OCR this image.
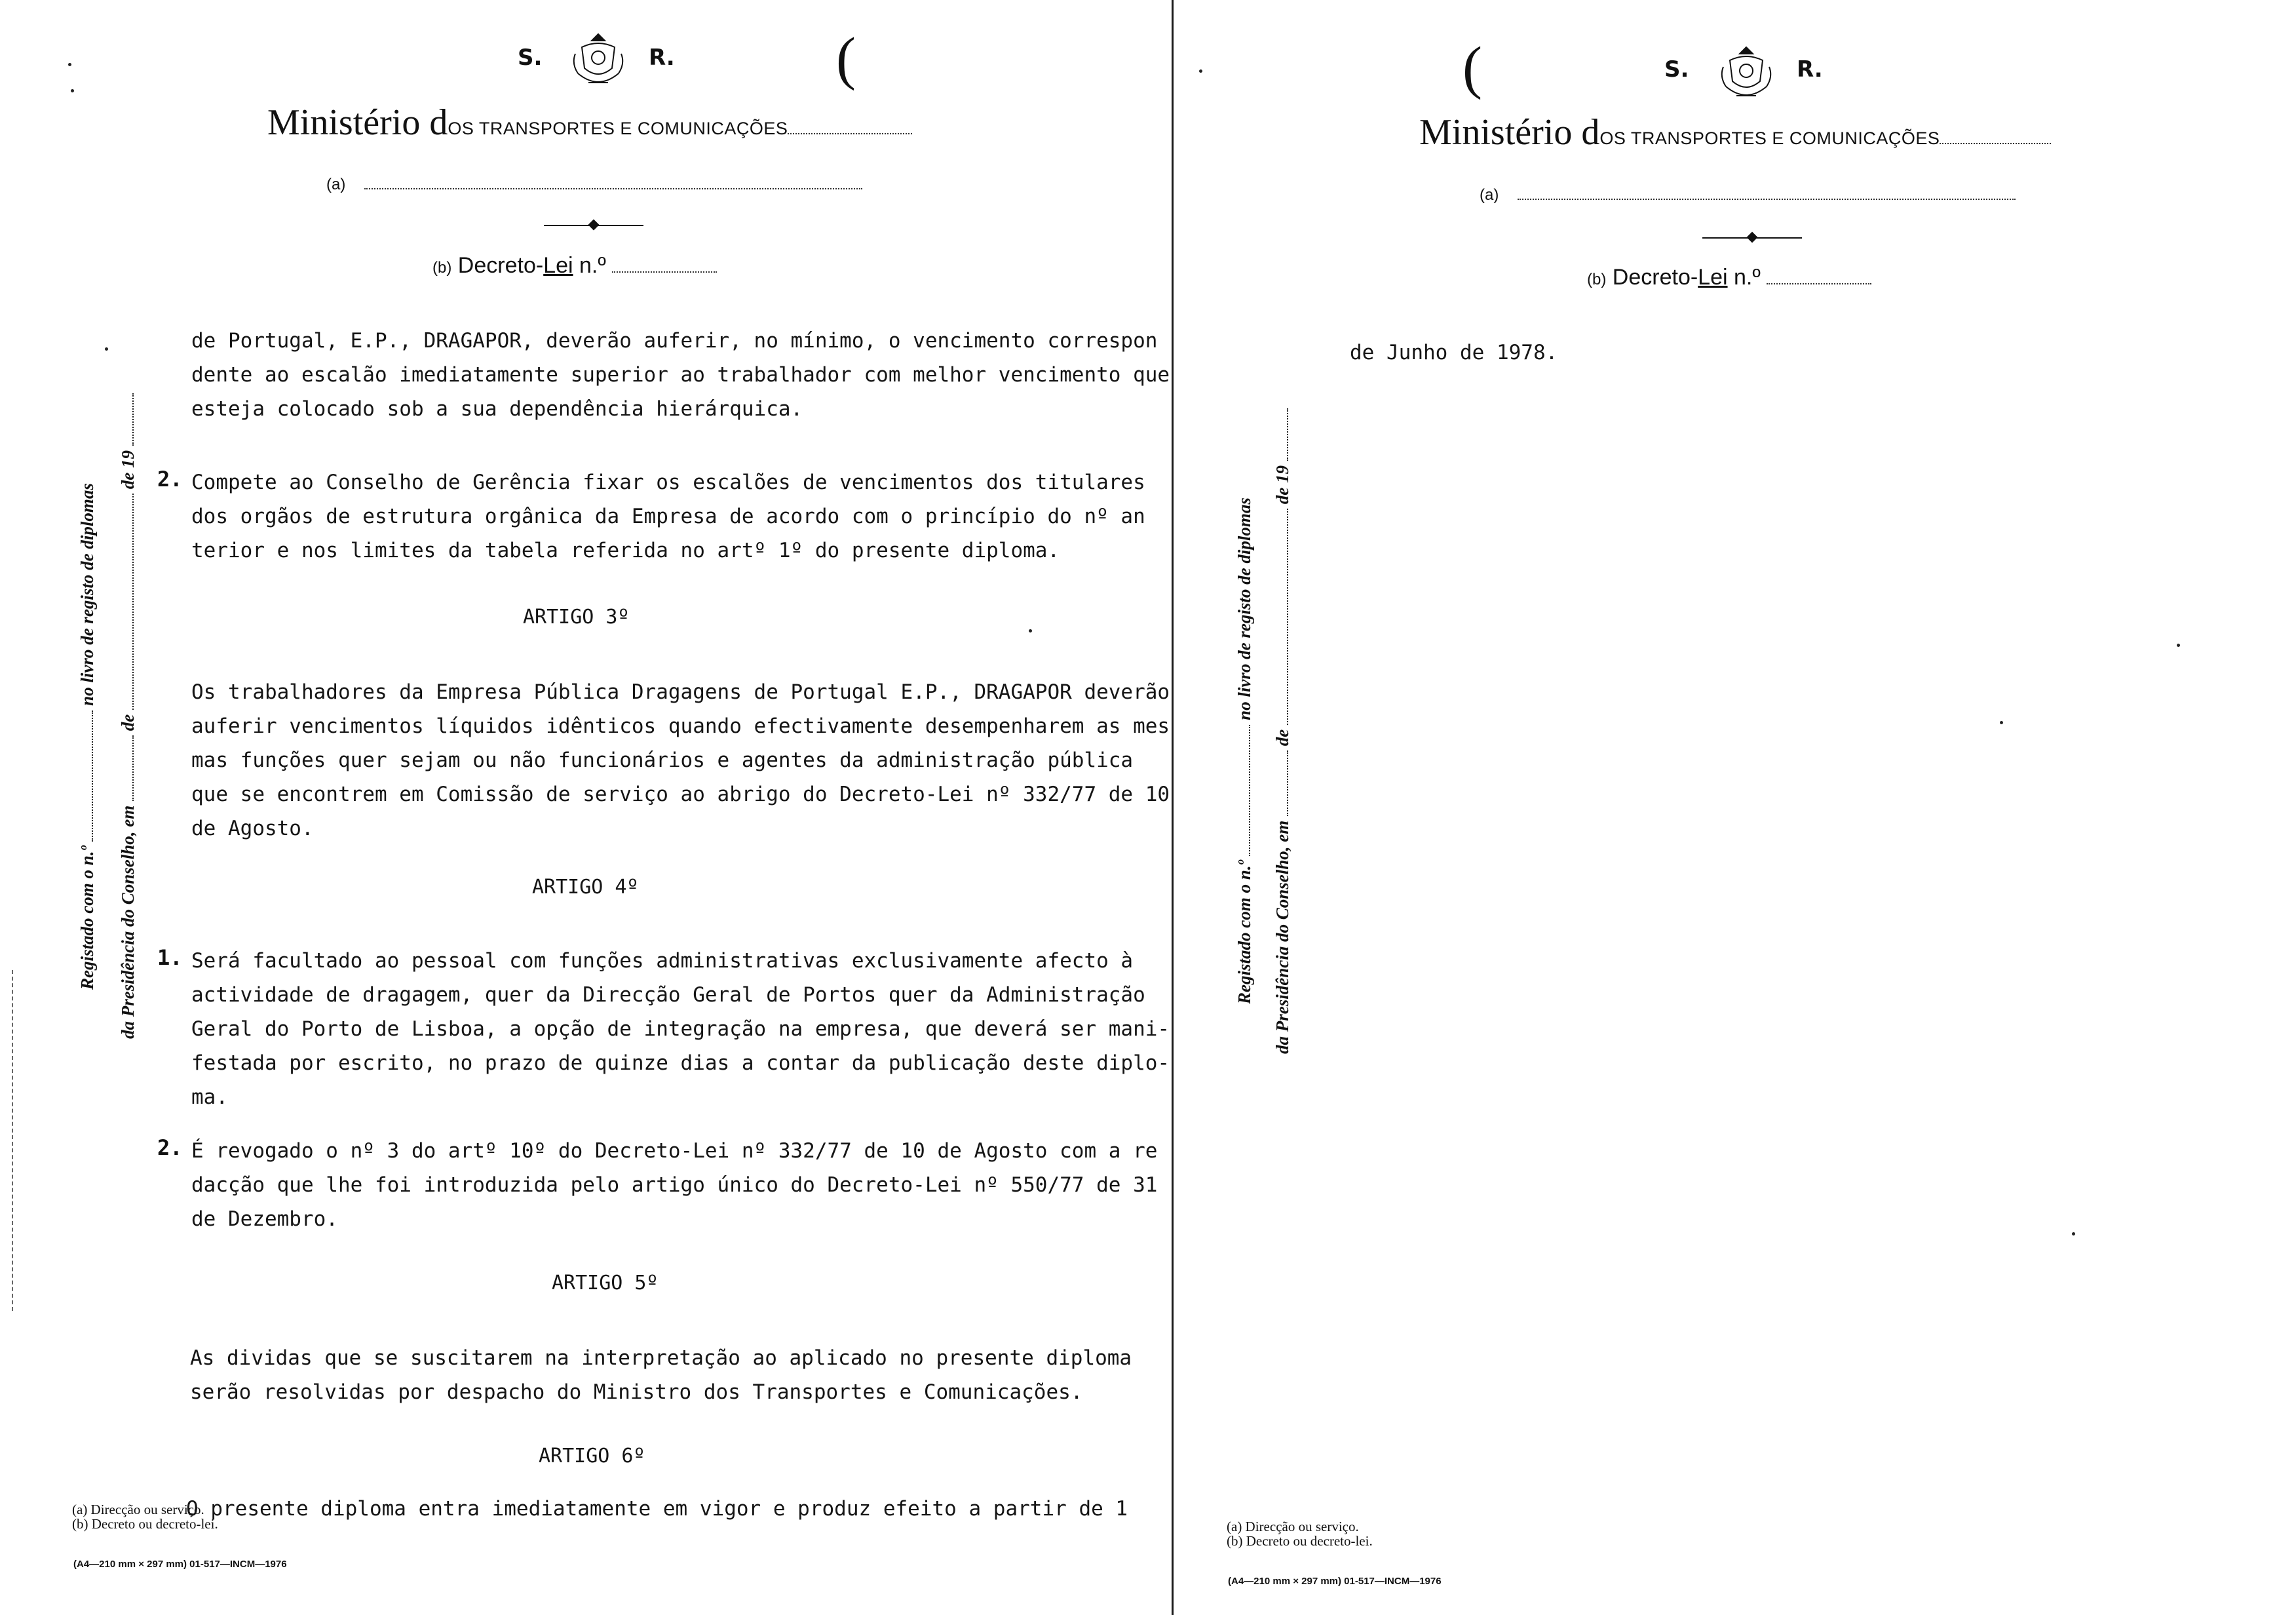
S.	R.	(
Ministério dOS TRANSPORTES E COMUNICAÇÕES
(a)
(b) Decreto-Lei n.º
Registado com o n.º  no livro de registo de diplomas
da Presidência do Conselho, em  de  de 19
de Portugal, E.P., DRAGAPOR, deverão auferir, no mínimo, o vencimento correspon
dente ao escalão imediatamente superior ao trabalhador com melhor vencimento que
esteja colocado sob a sua dependência hierárquica.
2. Compete ao Conselho de Gerência fixar os escalões de vencimentos dos titulares
dos orgãos de estrutura orgânica da Empresa de acordo com o princípio do nº an
terior e nos limites da tabela referida no artº 1º do presente diploma.
ARTIGO 3º
Os trabalhadores da Empresa Pública Dragagens de Portugal E.P., DRAGAPOR deverão
auferir vencimentos líquidos idênticos quando efectivamente desempenharem as mes
mas funções quer sejam ou não funcionários e agentes da administração pública
que se encontrem em Comissão de serviço ao abrigo do Decreto-Lei nº 332/77 de 10
de Agosto.
ARTIGO 4º
1. Será facultado ao pessoal com funções administrativas exclusivamente afecto à
actividade de dragagem, quer da Direcção Geral de Portos quer da Administração
Geral do Porto de Lisboa, a opção de integração na empresa, que deverá ser mani-
festada por escrito, no prazo de quinze dias a contar da publicação deste diplo-
ma.
2. É revogado o nº 3 do artº 10º do Decreto-Lei nº 332/77 de 10 de Agosto com a re
dacção que lhe foi introduzida pelo artigo único do Decreto-Lei nº 550/77 de 31
de Dezembro.
ARTIGO 5º
As dividas que se suscitarem na interpretação ao aplicado no presente diploma
serão resolvidas por despacho do Ministro dos Transportes e Comunicações.
ARTIGO 6º
O presente diploma entra imediatamente em vigor e produz efeito a partir de 1
(a) Direcção ou serviço.
(b) Decreto ou decreto-lei.
(A4—210 mm × 297 mm) 01-517—INCM—1976
(	S.	R.
Ministério dOS TRANSPORTES E COMUNICAÇÕES
(a)
(b) Decreto-Lei n.º
Registado com o n.º  no livro de registo de diplomas
da Presidência do Conselho, em  de  de 19
de Junho de 1978.
(a) Direcção ou serviço.
(b) Decreto ou decreto-lei.
(A4—210 mm × 297 mm) 01-517—INCM—1976
